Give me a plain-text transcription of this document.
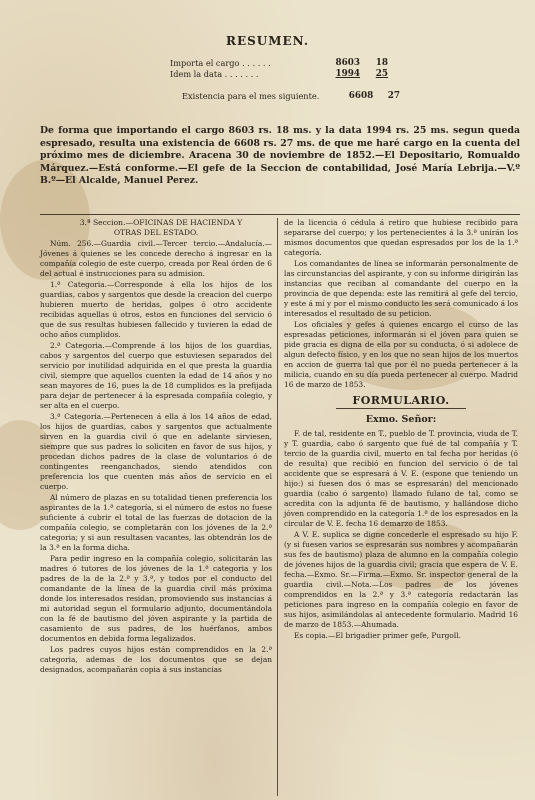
RESUMEN.
Importa el cargo . . . . . .	8603	18
Idem la data . . . . . . .	1994	25
Existencia para el mes siguiente.	6608	27
De forma que importando el cargo 8603 rs. 18 ms. y la data 1994 rs. 25 ms. segun queda espresado, resulta una existencia de 6608 rs. 27 ms. de que me haré cargo en la cuenta del próximo mes de diciembre. Aracena 30 de noviembre de 1852.—El Depositario, Romualdo Márquez.—Está conforme.—El gefe de la Seccion de contabilidad, José María Lebrija.—V.º B.º—El Alcalde, Manuel Perez.

3.ª Seccion.—OFICINAS DE HACIENDA Y
OTRAS DEL ESTADO.

Núm. 256.—Guardia civil.—Tercer tercio.—Andalucía.—Jóvenes á quienes se les concede derecho á ingresar en la compañía colegio de este cuerpo, creada por Real órden de 6 del actual é instrucciones para su admision.

1.ª Categoria.—Corresponde á ella los hijos de los guardias, cabos y sargentos que desde la creacion del cuerpo hubieren muerto de heridas, golpes ó otro accidente recibidas aquellas ú otros, estos en funciones del servicio ó que de sus resultas hubiesen fallecido y tuvieren la edad de ocho años cumplidos.

2.ª Categoria.—Comprende á los hijos de los guardias, cabos y sargentos del cuerpo que estuviesen separados del servicio por inutilidad adquirida en el que presta la guardia civil, siempre que aquellos cuenten la edad de 14 años y no sean mayores de 16, pues la de 18 cumplidos es la prefijada para dejar de pertenecer á la espresada compañía colegio, y ser alta en el cuerpo.

3.ª Categoria.—Pertenecen á ella á los 14 años de edad, los hijos de guardias, cabos y sargentos que actualmente sirven en la guardia civil ó que en adelante sirviesen, siempre que sus padres lo soliciten en favor de sus hijos, y procedan dichos padres de la clase de voluntarios ó de contingentes reenganchados, siendo atendidos con preferencia los que cuenten más años de servicio en el cuerpo.

Al número de plazas en su totalidad tienen preferencia los aspirantes de la 1.ª categoría, si el número de estos no fuese suficiente á cubrir el total de las fuerzas de dotacion de la compañía colegio, se completarán con los jóvenes de la 2.ª categoria; y si aun resultasen vacantes, las obtendrán los de la 3.ª en la forma dicha.

Para pedir ingreso en la compañía colegio, solicitarán las madres ó tutores de los jóvenes de la 1.ª categoria y los padres de la de la 2.ª y 3.ª, y todos por el conducto del comandante de la línea de la guardia civil más próxima donde los interesados residan, promoviendo sus instancias á mi autoridad segun el formulario adjunto, documentándola con la fé de bautismo del jóven aspirante y la partida de casamiento de sus padres, de los huérfanos, ambos documentos en debida forma legalizados.

Los padres cuyos hijos están comprendidos en la 2.ª categoria, ademas de los documentos que se dejan designados, acompañarán copia á sus instancias

de la licencia ó cédula á retiro que hubiese recibido para separarse del cuerpo; y los pertenecientes á la 3.ª unirán los mismos documentos que quedan espresados por los de la 1.ª categoría.

Los comandantes de línea se informarán personalmente de las circunstancias del aspirante, y con su informe dirigirán las instancias que reciban al comandante del cuerpo en la provincia de que dependa: este las remitirá al gefe del tercio, y este á mí y por el mismo conducto les será comunicado á los interesados el resultado de su peticion.

Los oficiales y gefes á quienes encargo el curso de las espresadas peticiones, informarán si el jóven para quien se pide gracia es digna de ella por su conducta, ó si adolece de algun defecto físico, y en los que no sean hijos de los muertos en accion de guerra tal que por él no pueda pertenecer á la milicia, cuando en su día pueda pertenecer al cuerpo. Madrid 16 de marzo de 1853.

FORMULARIO.
Exmo. Señor:

F. de tal, residente en T., pueblo de T. provincia, viuda de T. y T. guardia, cabo ó sargento que fué de tal compañía y T. tercio de la guardia civil, muerto en tal fecha por heridas (ó de resulta) que recibió en funcion del servicio ó de tal accidente que se espresará á V. E. (espone que teniendo un hijo:) si fuesen dos ó mas se espresarán) del mencionado guardia (cabo ó sargento) llamado fulano de tal, como se acredita con la adjunta fé de bautismo, y hallándose dicho jóven comprendido en la categoría 1.ª de los espresados en la circular de V. E. fecha 16 demarzo de 1853.

A V. E. suplica se digne concederle el espresado su hijo F. (y si fuesen varios se espresarán sus nombres y acompañarán sus fes de bautismo) plaza de alumno en la compañía colegio de jóvenes hijos de la guardia civil; gracia que espera de V. E. fecha.—Exmo. Sr.—Firma.—Exmo. Sr. inspector general de la guardia civil.—Nota.—Los padres de los jóvenes comprendidos en la 2.ª y 3.ª categoría redactarán las peticiones para ingreso en la compañía colegio en favor de sus hijos, asimilándolas al antecedente formulario. Madrid 16 de marzo de 1853.—Ahumada.

Es copia.—El brigadier primer gefe, Purgoll.
